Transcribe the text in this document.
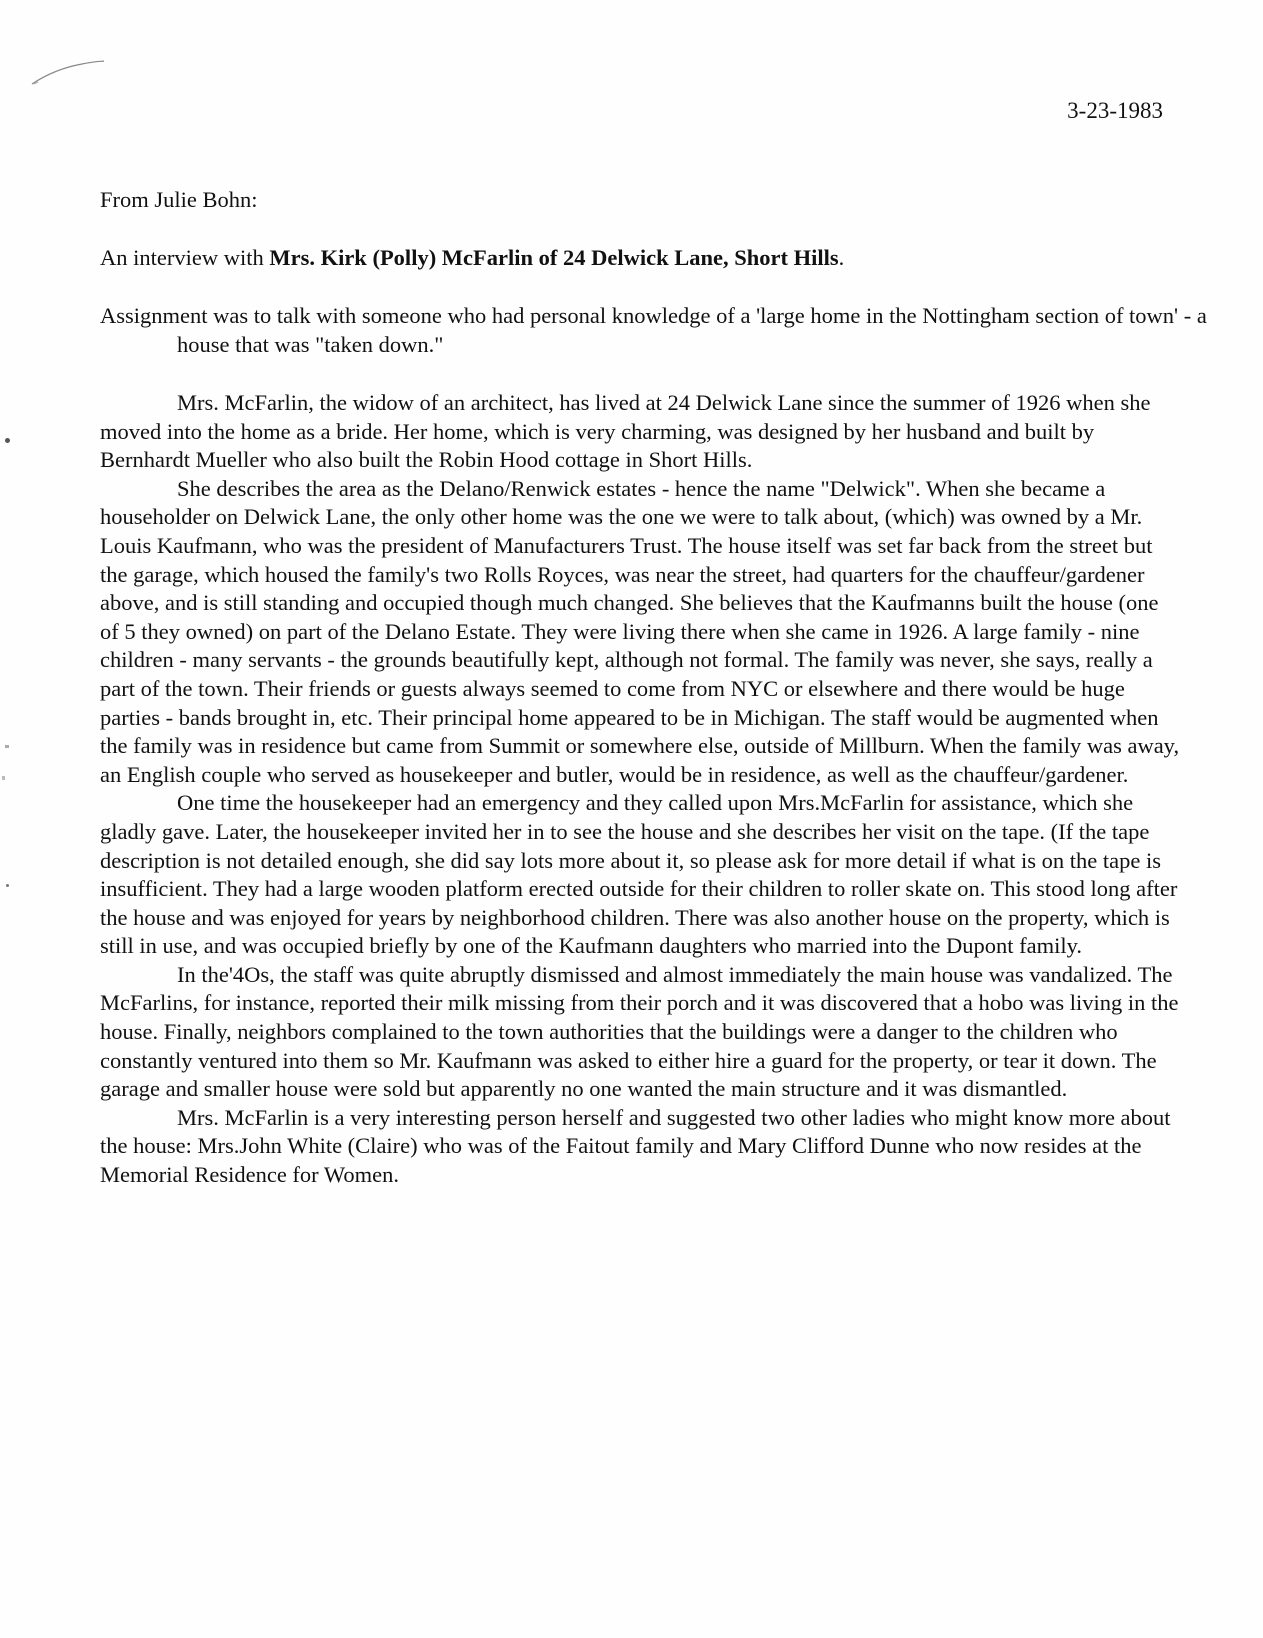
3-23-1983
From Julie Bohn:
An interview with Mrs. Kirk (Polly) McFarlin of 24 Delwick Lane, Short Hills.
Assignment was to talk with someone who had personal knowledge of a 'large home in the Nottingham section of town' - a house that was "taken down."

Mrs. McFarlin, the widow of an architect, has lived at 24 Delwick Lane since the summer of 1926 when she moved into the home as a bride. Her home, which is very charming, was designed by her husband and built by Bernhardt Mueller who also built the Robin Hood cottage in Short Hills.

She describes the area as the Delano/Renwick estates - hence the name "Delwick". When she became a householder on Delwick Lane, the only other home was the one we were to talk about, (which) was owned by a Mr. Louis Kaufmann, who was the president of Manufacturers Trust. The house itself was set far back from the street but the garage, which housed the family's two Rolls Royces, was near the street, had quarters for the chauffeur/gardener above, and is still standing and occupied though much changed. She believes that the Kaufmanns built the house (one of 5 they owned) on part of the Delano Estate. They were living there when she came in 1926. A large family - nine children - many servants - the grounds beautifully kept, although not formal. The family was never, she says, really a part of the town. Their friends or guests always seemed to come from NYC or elsewhere and there would be huge parties - bands brought in, etc. Their principal home appeared to be in Michigan. The staff would be augmented when the family was in residence but came from Summit or somewhere else, outside of Millburn. When the family was away, an English couple who served as housekeeper and butler, would be in residence, as well as the chauffeur/gardener.

One time the housekeeper had an emergency and they called upon Mrs.McFarlin for assistance, which she gladly gave. Later, the housekeeper invited her in to see the house and she describes her visit on the tape. (If the tape description is not detailed enough, she did say lots more about it, so please ask for more detail if what is on the tape is insufficient. They had a large wooden platform erected outside for their children to roller skate on. This stood long after the house and was enjoyed for years by neighborhood children. There was also another house on the property, which is still in use, and was occupied briefly by one of the Kaufmann daughters who married into the Dupont family.

In the'4Os, the staff was quite abruptly dismissed and almost immediately the main house was vandalized. The McFarlins, for instance, reported their milk missing from their porch and it was discovered that a hobo was living in the house. Finally, neighbors complained to the town authorities that the buildings were a danger to the children who constantly ventured into them so Mr. Kaufmann was asked to either hire a guard for the property, or tear it down. The garage and smaller house were sold but apparently no one wanted the main structure and it was dismantled.

Mrs. McFarlin is a very interesting person herself and suggested two other ladies who might know more about the house: Mrs.John White (Claire) who was of the Faitout family and Mary Clifford Dunne who now resides at the Memorial Residence for Women.
